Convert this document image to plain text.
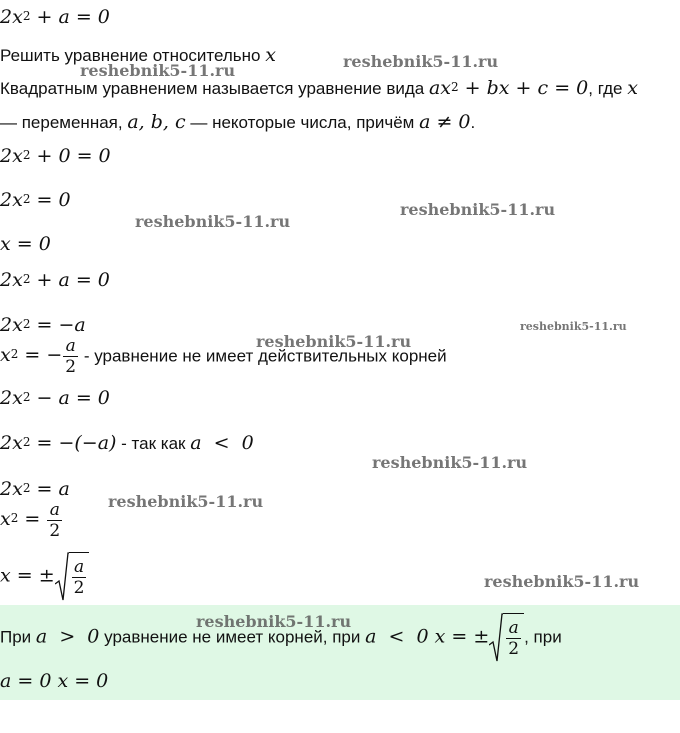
$2x^2 + a = 0$
Решить уравнение относительно x
Квадратным уравнением называется уравнение вида $ax^2$ + bx + c = 0, где x
— переменная, a, b, c — некоторые числа, причём a ≠ 0.
$2x^2 + 0 = 0$
$2x^2 = 0$
x = 0
$2x^2 + a = 0$
$2x^2 = -a$
$x^2$ = − $\frac{a}{2}$ - уравнение не имеет действительных корней
$2x^2 - a = 0$
$2x^2 = -(-a)$ - так как a  <  0
$2x^2 = a$
$x^2 = \frac{a}{2}$
x = ± $\frac{a}{2}$
При a  >  0 уравнение не имеет корней, при a  <  0 x = ± $\frac{a}{2}$ , при
a = 0 x = 0
reshebnik5-11.ru
reshebnik5-11.ru
reshebnik5-11.ru
reshebnik5-11.ru
reshebnik5-11.ru
reshebnik5-11.ru
reshebnik5-11.ru
reshebnik5-11.ru
reshebnik5-11.ru
reshebnik5-11.ru
